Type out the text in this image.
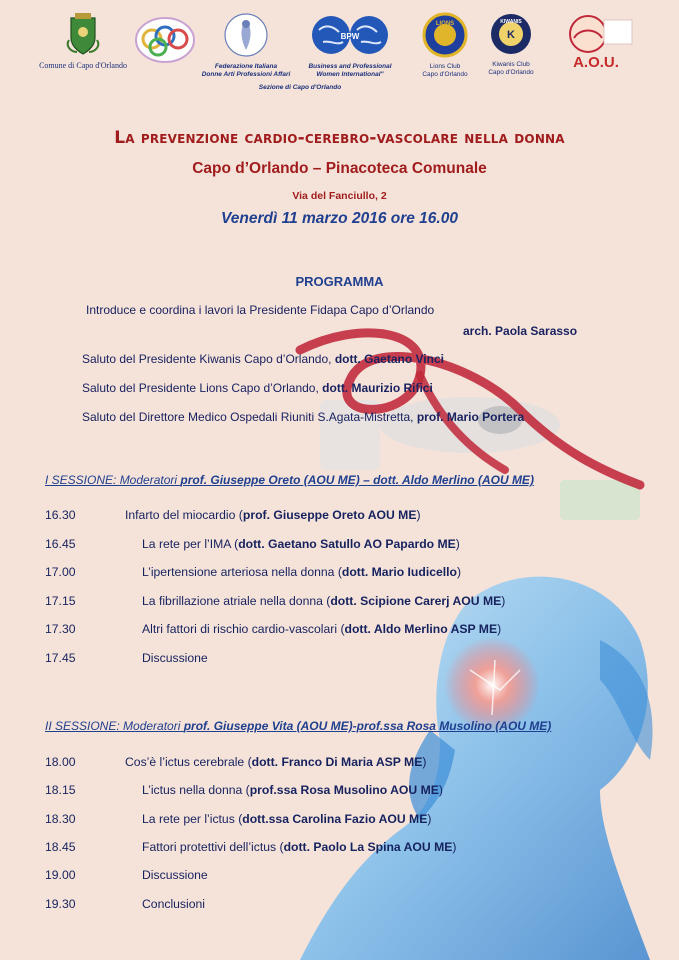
Comune di Capo d'Orlando	Federazione Italiana
Donne Arti Professioni Affari
BPW
Business and Professional
Women International"
LIONS
Lions Club
Capo d'Orlando
KIWANIS
K
Kiwanis Club
Capo d'Orlando
A.O.U.
Sezione di Capo d'Orlando
La prevenzione cardio-cerebro-vascolare nella donna
Capo d’Orlando – Pinacoteca Comunale
Via del Fanciullo, 2
Venerdì 11 marzo 2016 ore 16.00
PROGRAMMA
Introduce e coordina i lavori la Presidente Fidapa Capo d’Orlando
arch. Paola Sarasso
Saluto del Presidente Kiwanis Capo d’Orlando, dott. Gaetano Vinci
Saluto del Presidente Lions Capo d’Orlando, dott. Maurizio Rifici
Saluto del Direttore Medico Ospedali Riuniti S.Agata-Mistretta, prof. Mario Portera
I SESSIONE: Moderatori prof. Giuseppe Oreto (AOU ME) – dott. Aldo Merlino (AOU ME)
16.30	Infarto del miocardio (prof. Giuseppe Oreto AOU ME)
16.45	La rete per l’IMA (dott. Gaetano Satullo AO Papardo ME)
17.00	L’ipertensione arteriosa nella donna (dott. Mario Iudicello)
17.15	La fibrillazione atriale nella donna (dott. Scipione Carerj AOU ME)
17.30	Altri fattori di rischio cardio-vascolari (dott. Aldo Merlino ASP ME)
17.45	Discussione
II SESSIONE: Moderatori prof. Giuseppe Vita (AOU ME)-prof.ssa Rosa Musolino (AOU ME)
18.00	Cos’è l’ictus cerebrale (dott. Franco Di Maria ASP ME)
18.15	L’ictus nella donna (prof.ssa Rosa Musolino AOU ME)
18.30	La rete per l’ictus (dott.ssa Carolina Fazio AOU ME)
18.45	Fattori protettivi dell’ictus (dott. Paolo La Spina AOU ME)
19.00	Discussione
19.30	Conclusioni
